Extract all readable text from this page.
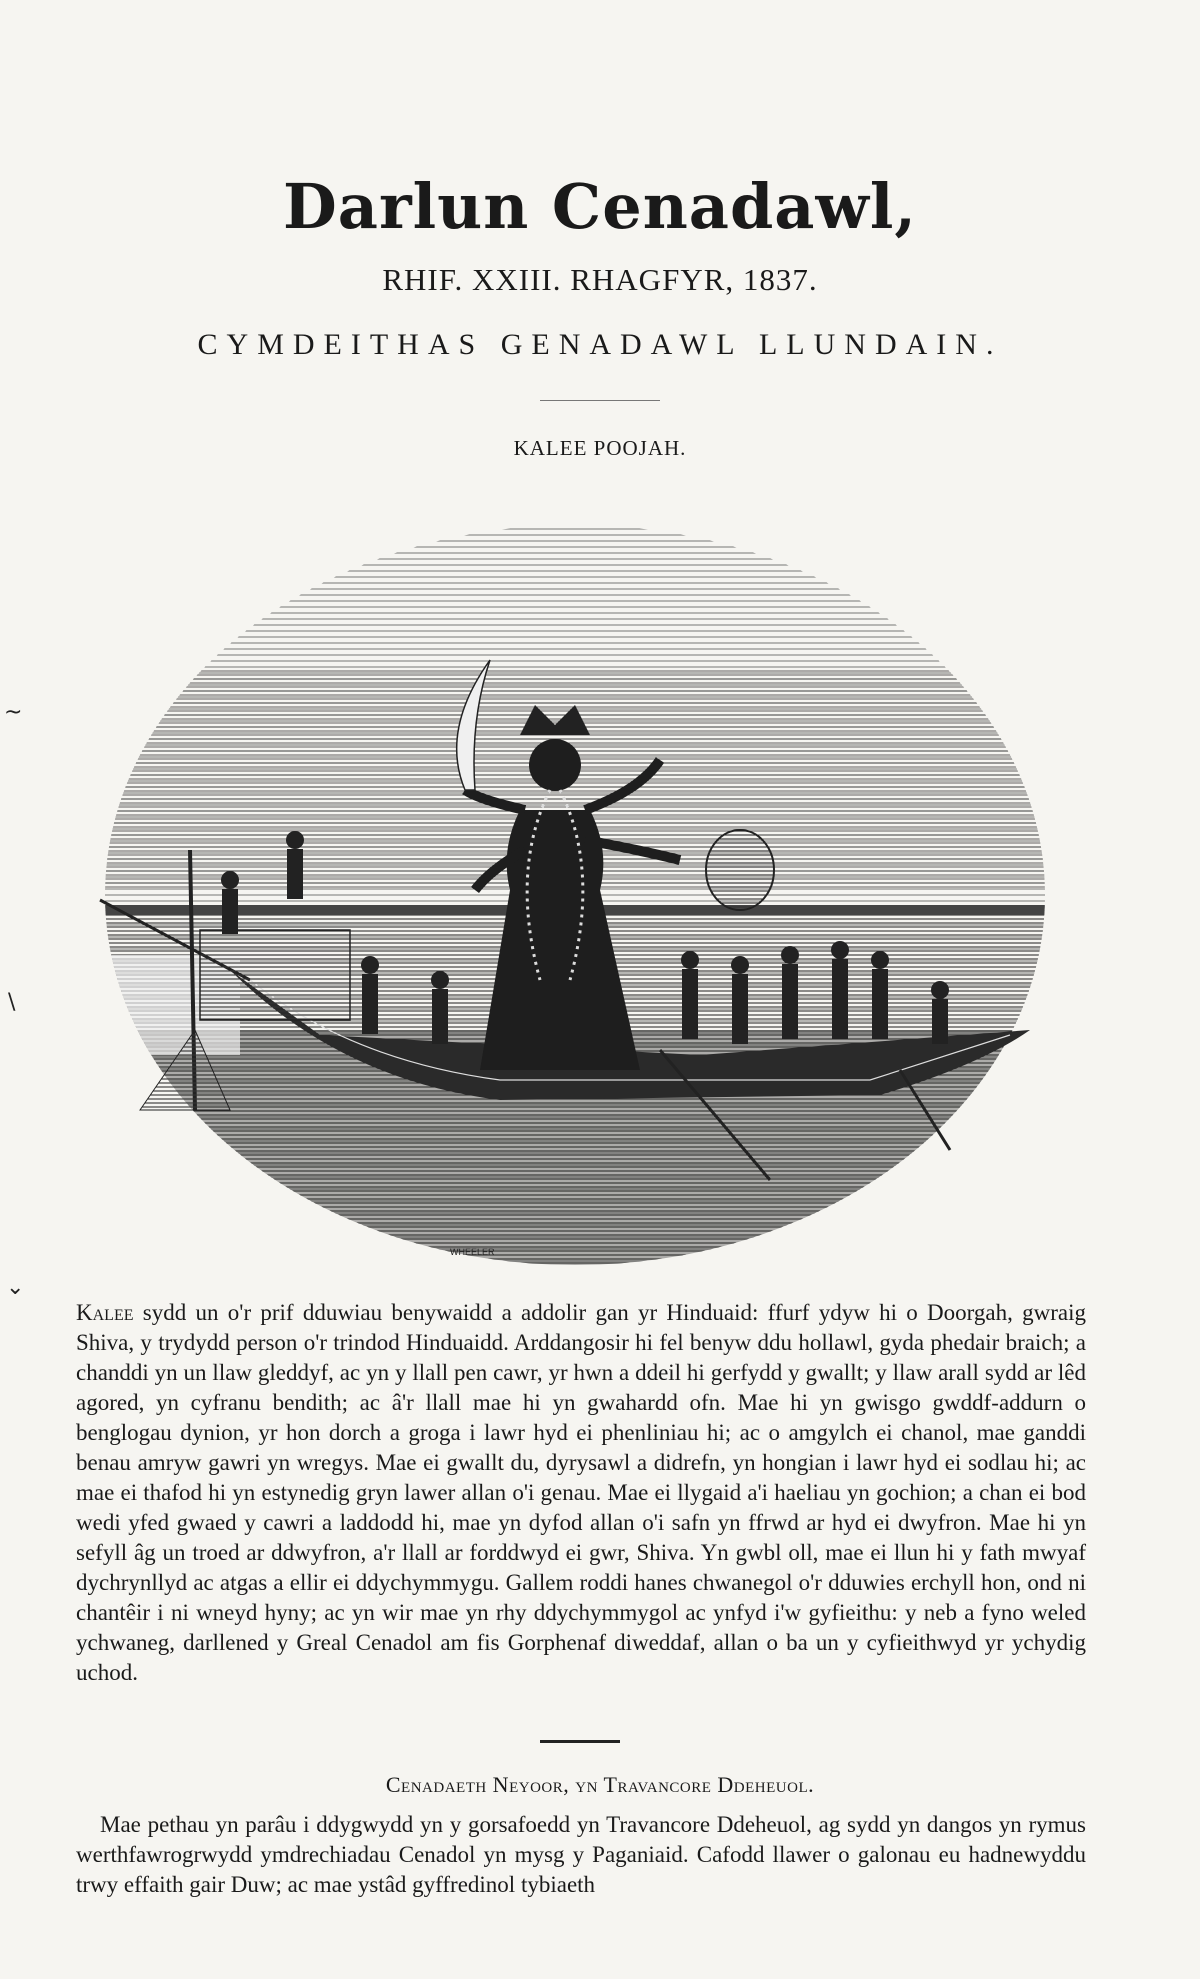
Darlun Cenadawl,
RHIF. XXIII. RHAGFYR, 1837.
CYMDEITHAS GENADAWL LLUNDAIN.
KALEE POOJAH.
WHEELER

Kalee sydd un o'r prif dduwiau benywaidd a addolir gan yr Hinduaid: ffurf ydyw hi o Doorgah, gwraig Shiva, y trydydd person o'r trindod Hinduaidd. Arddangosir hi fel benyw ddu hollawl, gyda phedair braich; a chanddi yn un llaw gleddyf, ac yn y llall pen cawr, yr hwn a ddeil hi gerfydd y gwallt; y llaw arall sydd ar lêd agored, yn cyfranu bendith; ac â'r llall mae hi yn gwahardd ofn. Mae hi yn gwisgo gwddf-addurn o benglogau dynion, yr hon dorch a groga i lawr hyd ei phenliniau hi; ac o amgylch ei chanol, mae ganddi benau amryw gawri yn wregys. Mae ei gwallt du, dyrysawl a didrefn, yn hongian i lawr hyd ei sodlau hi; ac mae ei thafod hi yn estynedig gryn lawer allan o'i genau. Mae ei llygaid a'i haeliau yn gochion; a chan ei bod wedi yfed gwaed y cawri a laddodd hi, mae yn dyfod allan o'i safn yn ffrwd ar hyd ei dwyfron. Mae hi yn sefyll âg un troed ar ddwyfron, a'r llall ar forddwyd ei gwr, Shiva. Yn gwbl oll, mae ei llun hi y fath mwyaf dychrynllyd ac atgas a ellir ei ddychymmygu. Gallem roddi hanes chwanegol o'r dduwies erchyll hon, ond ni chantêir i ni wneyd hyny; ac yn wir mae yn rhy ddychymmygol ac ynfyd i'w gyfieithu: y neb a fyno weled ychwaneg, darllened y Greal Cenadol am fis Gorphenaf diweddaf, allan o ba un y cyfieithwyd yr ychydig uchod.

Cenadaeth Neyoor, yn Travancore Ddeheuol.

Mae pethau yn parâu i ddygwydd yn y gorsafoedd yn Travancore Ddeheuol, ag sydd yn dangos yn rymus werthfawrogrwydd ymdrechiadau Cenadol yn mysg y Paganiaid. Cafodd llawer o galonau eu hadnewyddu trwy effaith gair Duw; ac mae ystâd gyffredinol tybiaeth

~
\
⌄
